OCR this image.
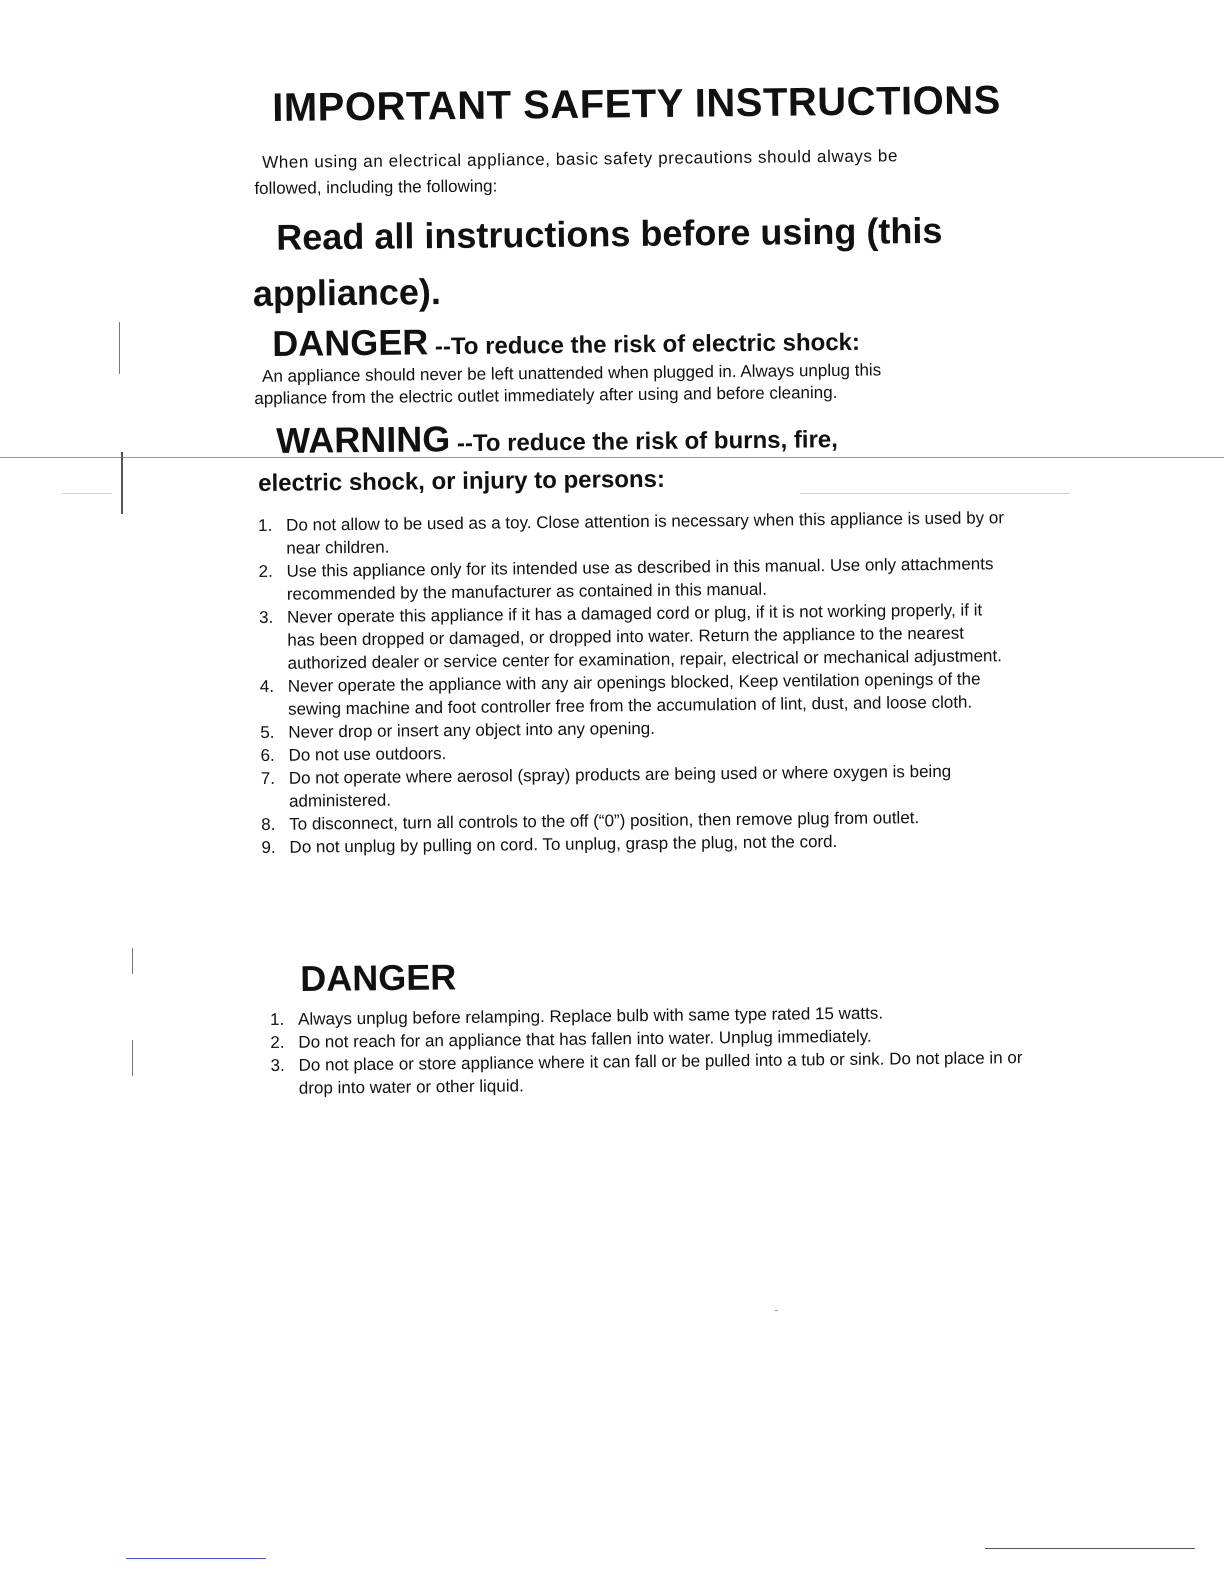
IMPORTANT SAFETY INSTRUCTIONS
When using an electrical appliance, basic safety precautions should always be
followed, including the following:
Read all instructions before using (this
appliance).
DANGER --To reduce the risk of electric shock:
An appliance should never be left unattended when plugged in. Always unplug this
appliance from the electric outlet immediately after using and before cleaning.
WARNING --To reduce the risk of burns, fire,
electric shock, or injury to persons:
1. Do not allow to be used as a toy. Close attention is necessary when this appliance is used by or near children.
2. Use this appliance only for its intended use as described in this manual. Use only attachments recommended by the manufacturer as contained in this manual.
3. Never operate this appliance if it has a damaged cord or plug, if it is not working properly, if it has been dropped or damaged, or dropped into water. Return the appliance to the nearest authorized dealer or service center for examination, repair, electrical or mechanical adjustment.
4. Never operate the appliance with any air openings blocked, Keep ventilation openings of the sewing machine and foot controller free from the accumulation of lint, dust, and loose cloth.
5. Never drop or insert any object into any opening.
6. Do not use outdoors.
7. Do not operate where aerosol (spray) products are being used or where oxygen is being administered.
8. To disconnect, turn all controls to the off (“0”) position, then remove plug from outlet.
9. Do not unplug by pulling on cord. To unplug, grasp the plug, not the cord.
DANGER
1. Always unplug before relamping. Replace bulb with same type rated 15 watts.
2. Do not reach for an appliance that has fallen into water. Unplug immediately.
3. Do not place or store appliance where it can fall or be pulled into a tub or sink. Do not place in or drop into water or other liquid.
